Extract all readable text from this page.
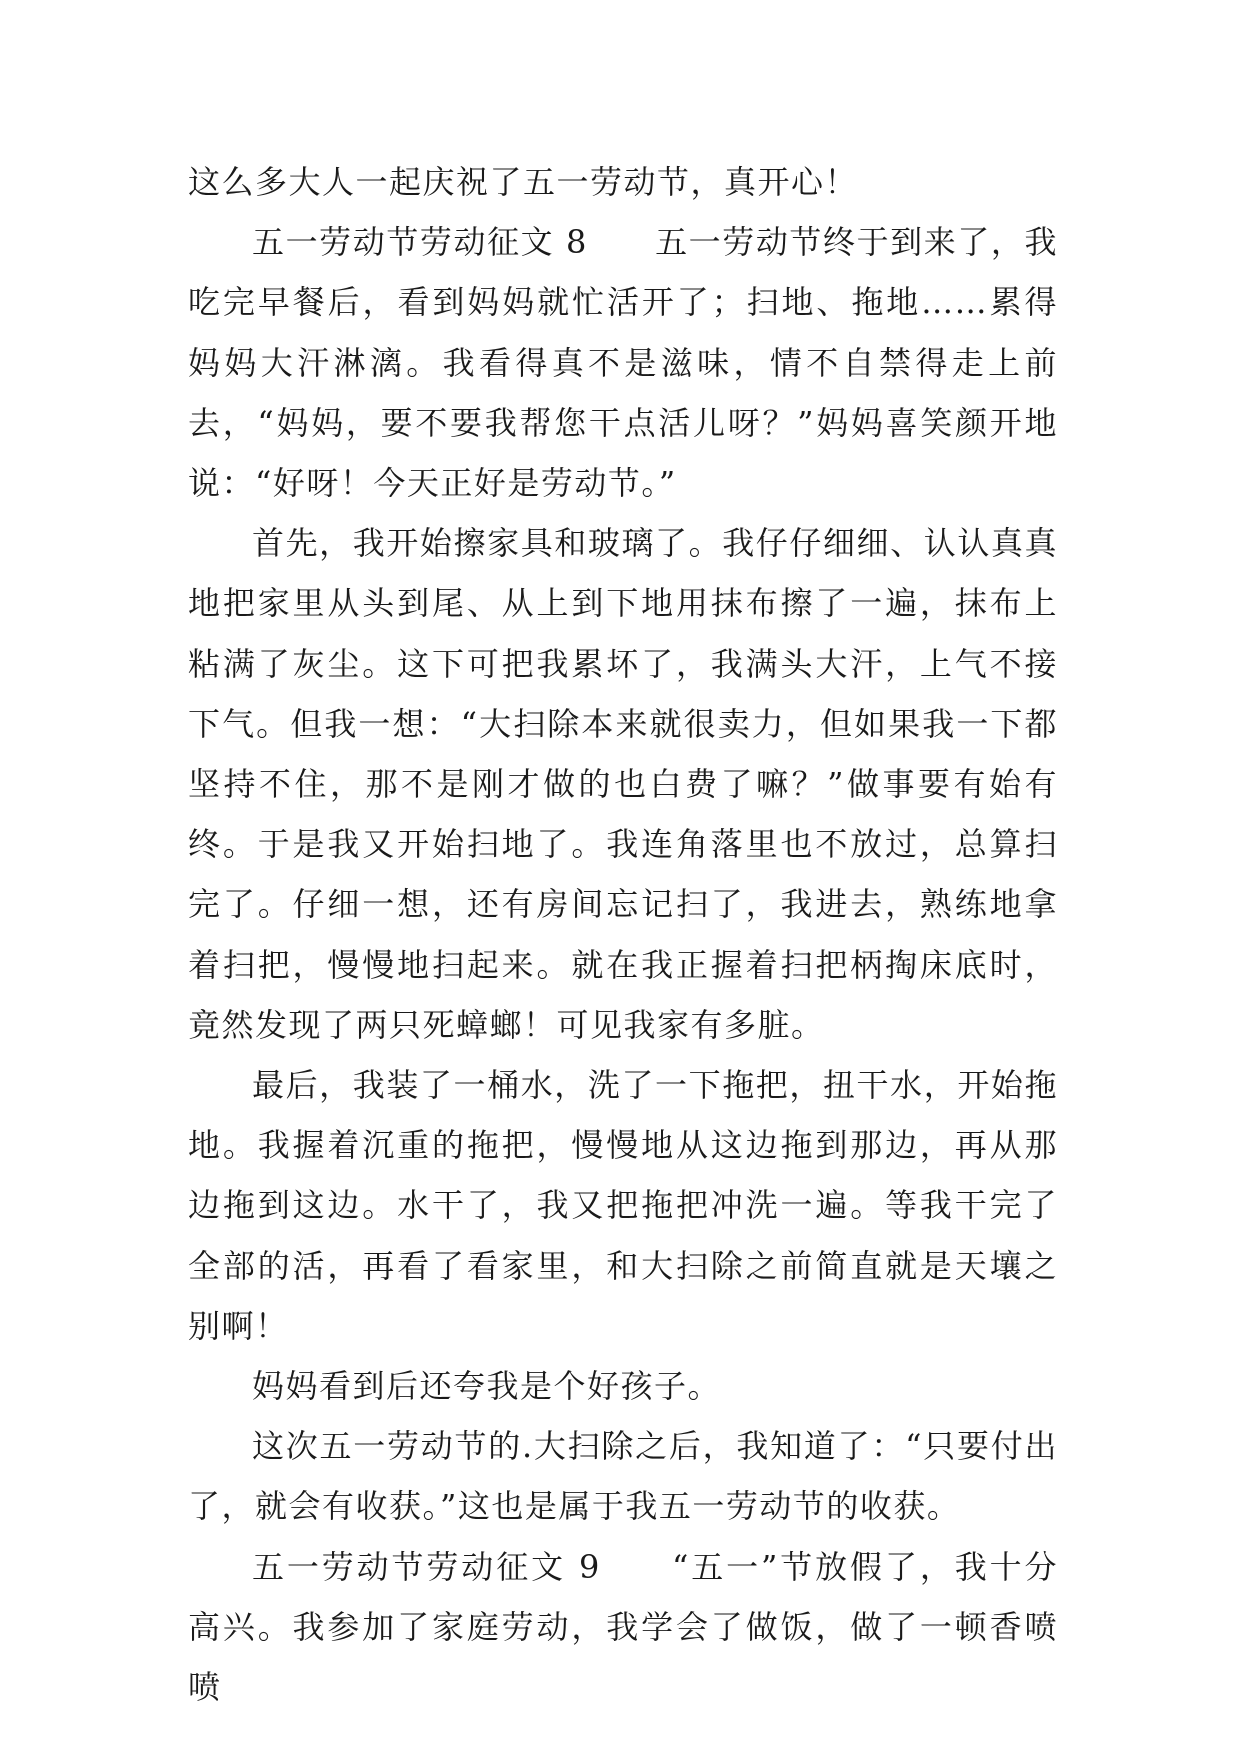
这么多大人一起庆祝了五一劳动节，真开心！

五一劳动节劳动征文 8　　五一劳动节终于到来了，我吃完早餐后，看到妈妈就忙活开了；扫地、拖地……累得妈妈大汗淋漓。我看得真不是滋味，情不自禁得走上前去，“妈妈，要不要我帮您干点活儿呀？”妈妈喜笑颜开地说：“好呀！今天正好是劳动节。”

首先，我开始擦家具和玻璃了。我仔仔细细、认认真真地把家里从头到尾、从上到下地用抹布擦了一遍，抹布上粘满了灰尘。这下可把我累坏了，我满头大汗，上气不接下气。但我一想：“大扫除本来就很卖力，但如果我一下都坚持不住，那不是刚才做的也白费了嘛？”做事要有始有终。于是我又开始扫地了。我连角落里也不放过，总算扫完了。仔细一想，还有房间忘记扫了，我进去，熟练地拿着扫把，慢慢地扫起来。就在我正握着扫把柄掏床底时，竟然发现了两只死蟑螂！可见我家有多脏。

最后，我装了一桶水，洗了一下拖把，扭干水，开始拖地。我握着沉重的拖把，慢慢地从这边拖到那边，再从那边拖到这边。水干了，我又把拖把冲洗一遍。等我干完了全部的活，再看了看家里，和大扫除之前简直就是天壤之别啊！

妈妈看到后还夸我是个好孩子。

这次五一劳动节的.大扫除之后，我知道了：“只要付出了，就会有收获。”这也是属于我五一劳动节的收获。

五一劳动节劳动征文 9　　“五一”节放假了，我十分高兴。我参加了家庭劳动，我学会了做饭，做了一顿香喷喷
